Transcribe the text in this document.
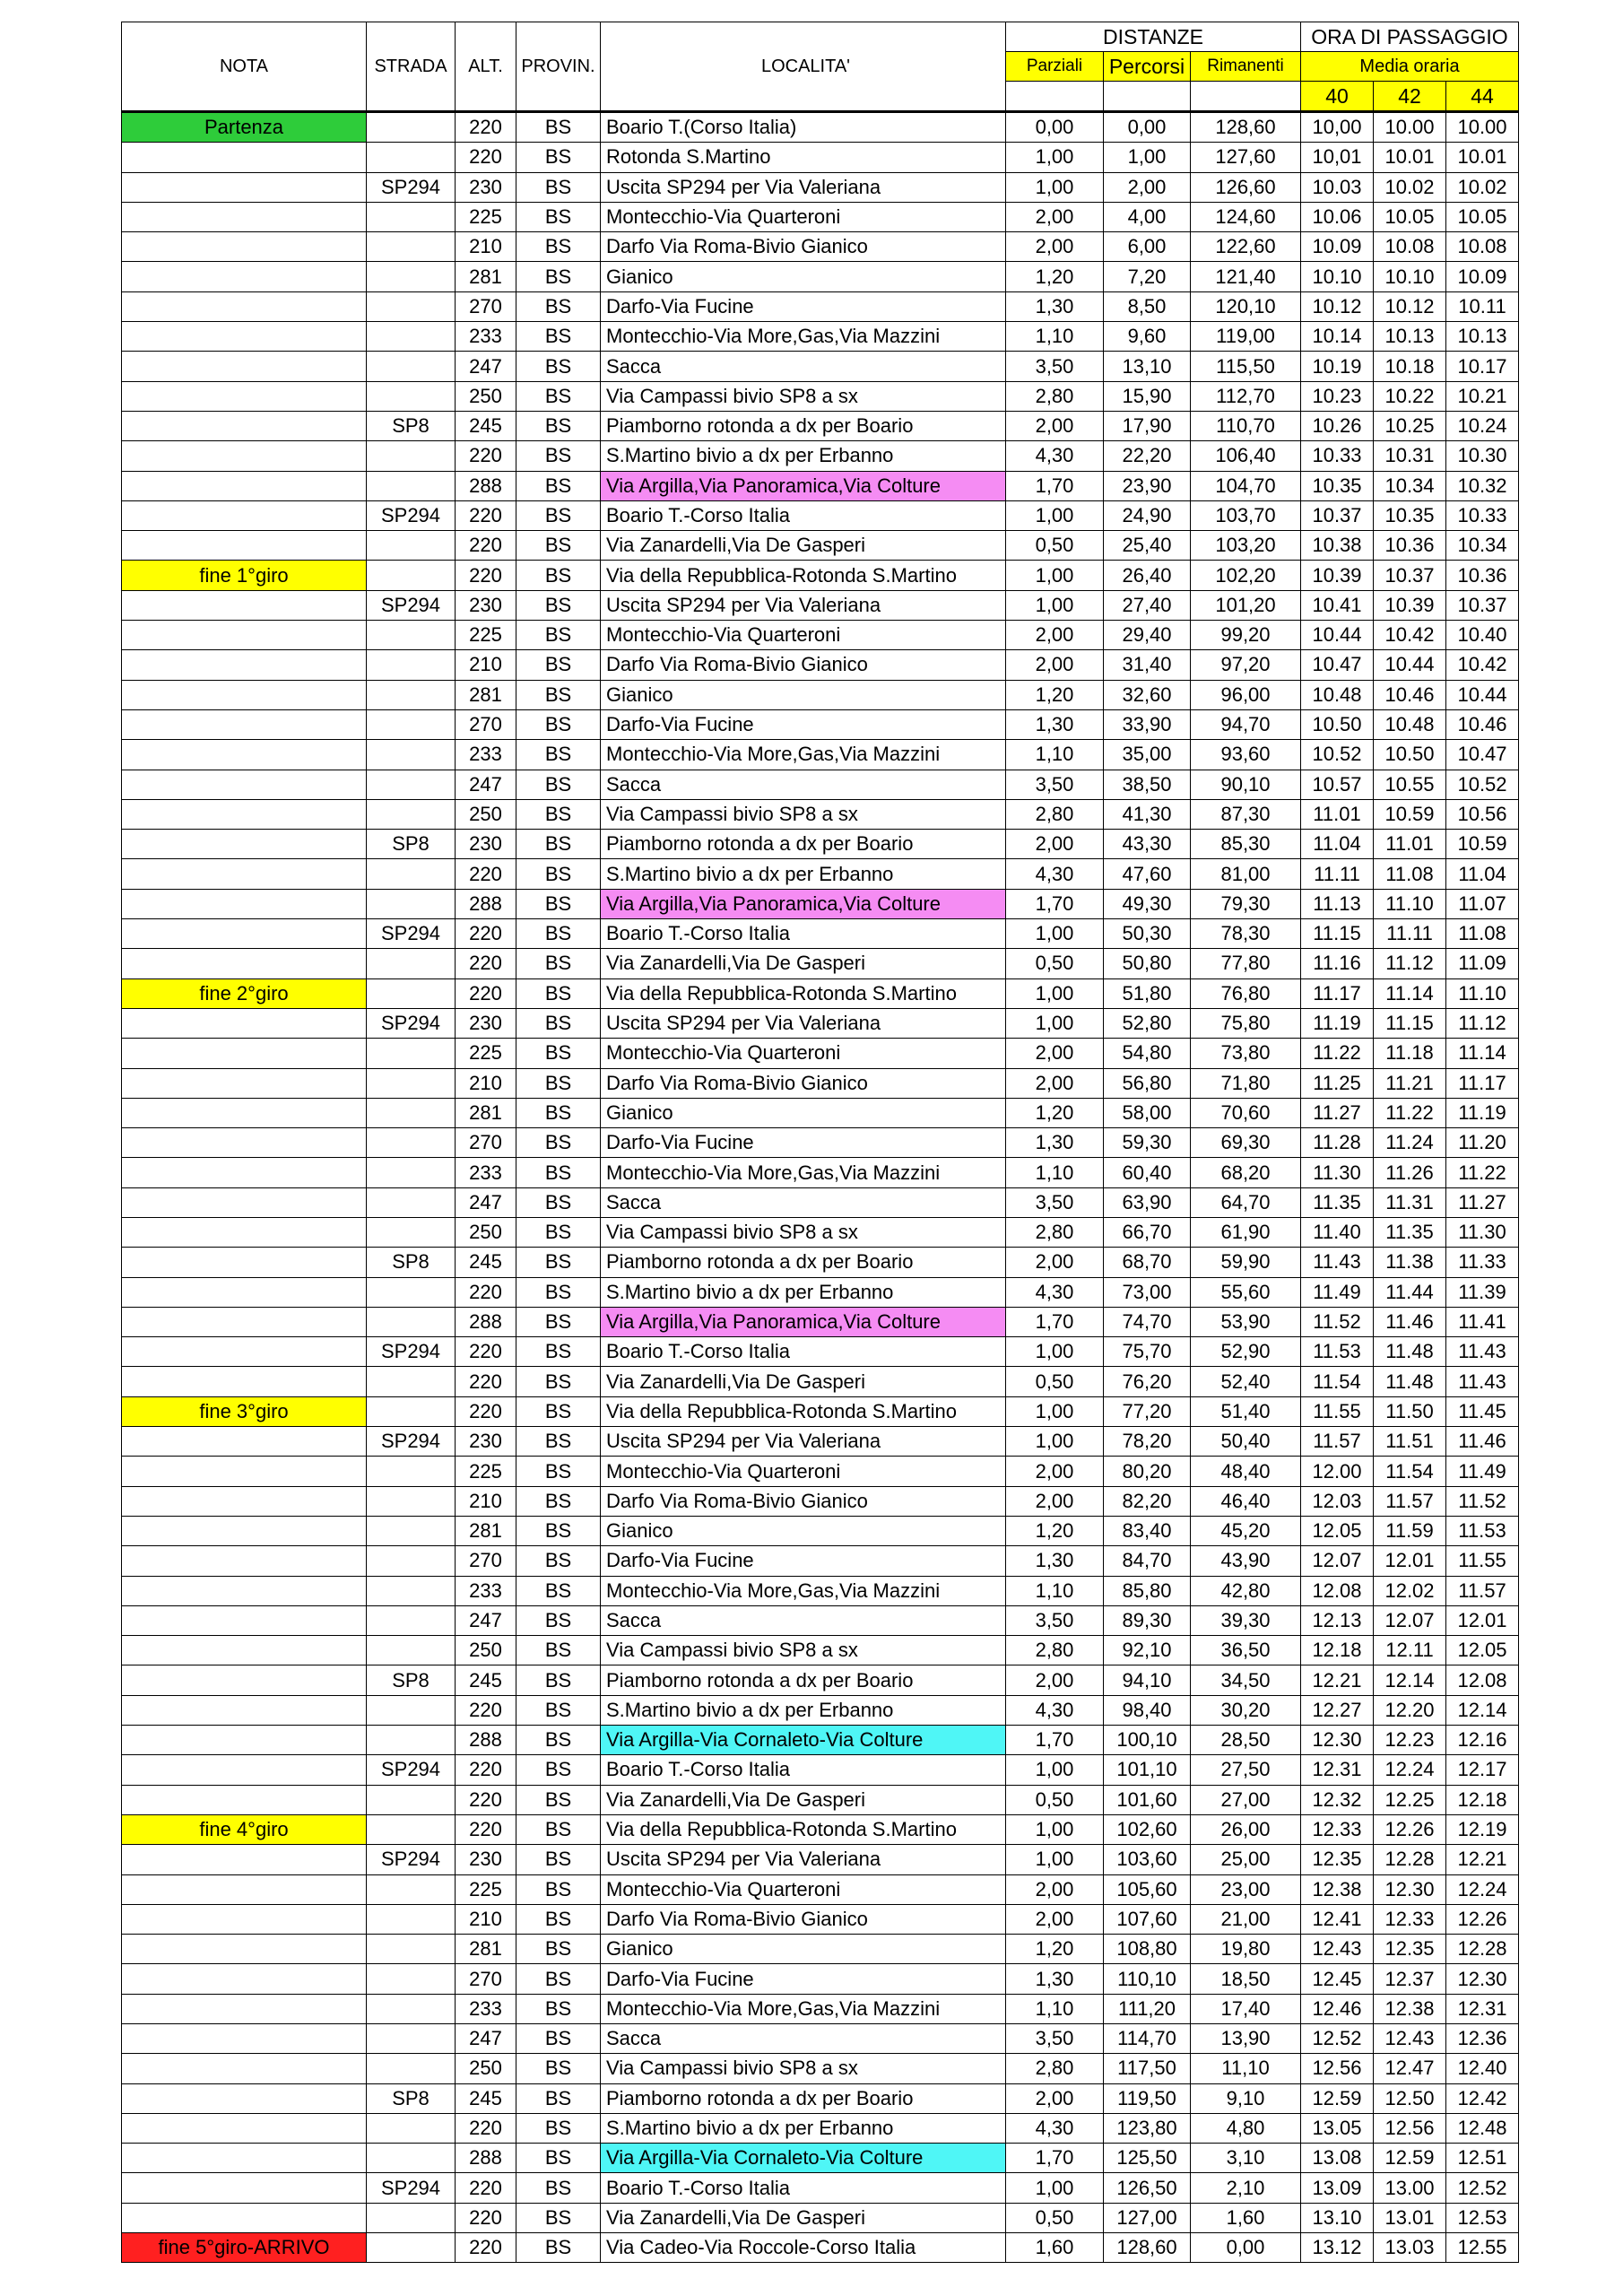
NOTA	STRADA	ALT.	PROVIN.	LOCALITA'	DISTANZE			ORA DI PASSAGGIO		
					Parziali	Percorsi	Rimanenti	Media oraria		
								40	42	44
Partenza		220	BS	Boario T.(Corso Italia)	0,00	0,00	128,60	10,00	10.00	10.00
		220	BS	Rotonda S.Martino	1,00	1,00	127,60	10,01	10.01	10.01
	SP294	230	BS	Uscita SP294 per Via Valeriana	1,00	2,00	126,60	10.03	10.02	10.02
		225	BS	Montecchio-Via Quarteroni	2,00	4,00	124,60	10.06	10.05	10.05
		210	BS	Darfo Via Roma-Bivio Gianico	2,00	6,00	122,60	10.09	10.08	10.08
		281	BS	Gianico	1,20	7,20	121,40	10.10	10.10	10.09
		270	BS	Darfo-Via Fucine	1,30	8,50	120,10	10.12	10.12	10.11
		233	BS	Montecchio-Via More,Gas,Via Mazzini	1,10	9,60	119,00	10.14	10.13	10.13
		247	BS	Sacca	3,50	13,10	115,50	10.19	10.18	10.17
		250	BS	Via Campassi bivio SP8 a sx	2,80	15,90	112,70	10.23	10.22	10.21
	SP8	245	BS	Piamborno rotonda a dx per Boario	2,00	17,90	110,70	10.26	10.25	10.24
		220	BS	S.Martino bivio a dx per Erbanno	4,30	22,20	106,40	10.33	10.31	10.30
		288	BS	Via Argilla,Via Panoramica,Via Colture	1,70	23,90	104,70	10.35	10.34	10.32
	SP294	220	BS	Boario T.-Corso Italia	1,00	24,90	103,70	10.37	10.35	10.33
		220	BS	Via Zanardelli,Via De Gasperi	0,50	25,40	103,20	10.38	10.36	10.34
fine 1°giro		220	BS	Via della Repubblica-Rotonda S.Martino	1,00	26,40	102,20	10.39	10.37	10.36
	SP294	230	BS	Uscita SP294 per Via Valeriana	1,00	27,40	101,20	10.41	10.39	10.37
		225	BS	Montecchio-Via Quarteroni	2,00	29,40	99,20	10.44	10.42	10.40
		210	BS	Darfo Via Roma-Bivio Gianico	2,00	31,40	97,20	10.47	10.44	10.42
		281	BS	Gianico	1,20	32,60	96,00	10.48	10.46	10.44
		270	BS	Darfo-Via Fucine	1,30	33,90	94,70	10.50	10.48	10.46
		233	BS	Montecchio-Via More,Gas,Via Mazzini	1,10	35,00	93,60	10.52	10.50	10.47
		247	BS	Sacca	3,50	38,50	90,10	10.57	10.55	10.52
		250	BS	Via Campassi bivio SP8 a sx	2,80	41,30	87,30	11.01	10.59	10.56
	SP8	230	BS	Piamborno rotonda a dx per Boario	2,00	43,30	85,30	11.04	11.01	10.59
		220	BS	S.Martino bivio a dx per Erbanno	4,30	47,60	81,00	11.11	11.08	11.04
		288	BS	Via Argilla,Via Panoramica,Via Colture	1,70	49,30	79,30	11.13	11.10	11.07
	SP294	220	BS	Boario T.-Corso Italia	1,00	50,30	78,30	11.15	11.11	11.08
		220	BS	Via Zanardelli,Via De Gasperi	0,50	50,80	77,80	11.16	11.12	11.09
fine 2°giro		220	BS	Via della Repubblica-Rotonda S.Martino	1,00	51,80	76,80	11.17	11.14	11.10
	SP294	230	BS	Uscita SP294 per Via Valeriana	1,00	52,80	75,80	11.19	11.15	11.12
		225	BS	Montecchio-Via Quarteroni	2,00	54,80	73,80	11.22	11.18	11.14
		210	BS	Darfo Via Roma-Bivio Gianico	2,00	56,80	71,80	11.25	11.21	11.17
		281	BS	Gianico	1,20	58,00	70,60	11.27	11.22	11.19
		270	BS	Darfo-Via Fucine	1,30	59,30	69,30	11.28	11.24	11.20
		233	BS	Montecchio-Via More,Gas,Via Mazzini	1,10	60,40	68,20	11.30	11.26	11.22
		247	BS	Sacca	3,50	63,90	64,70	11.35	11.31	11.27
		250	BS	Via Campassi bivio SP8 a sx	2,80	66,70	61,90	11.40	11.35	11.30
	SP8	245	BS	Piamborno rotonda a dx per Boario	2,00	68,70	59,90	11.43	11.38	11.33
		220	BS	S.Martino bivio a dx per Erbanno	4,30	73,00	55,60	11.49	11.44	11.39
		288	BS	Via Argilla,Via Panoramica,Via Colture	1,70	74,70	53,90	11.52	11.46	11.41
	SP294	220	BS	Boario T.-Corso Italia	1,00	75,70	52,90	11.53	11.48	11.43
		220	BS	Via Zanardelli,Via De Gasperi	0,50	76,20	52,40	11.54	11.48	11.43
fine 3°giro		220	BS	Via della Repubblica-Rotonda S.Martino	1,00	77,20	51,40	11.55	11.50	11.45
	SP294	230	BS	Uscita SP294 per Via Valeriana	1,00	78,20	50,40	11.57	11.51	11.46
		225	BS	Montecchio-Via Quarteroni	2,00	80,20	48,40	12.00	11.54	11.49
		210	BS	Darfo Via Roma-Bivio Gianico	2,00	82,20	46,40	12.03	11.57	11.52
		281	BS	Gianico	1,20	83,40	45,20	12.05	11.59	11.53
		270	BS	Darfo-Via Fucine	1,30	84,70	43,90	12.07	12.01	11.55
		233	BS	Montecchio-Via More,Gas,Via Mazzini	1,10	85,80	42,80	12.08	12.02	11.57
		247	BS	Sacca	3,50	89,30	39,30	12.13	12.07	12.01
		250	BS	Via Campassi bivio SP8 a sx	2,80	92,10	36,50	12.18	12.11	12.05
	SP8	245	BS	Piamborno rotonda a dx per Boario	2,00	94,10	34,50	12.21	12.14	12.08
		220	BS	S.Martino bivio a dx per Erbanno	4,30	98,40	30,20	12.27	12.20	12.14
		288	BS	Via Argilla-Via Cornaleto-Via Colture	1,70	100,10	28,50	12.30	12.23	12.16
	SP294	220	BS	Boario T.-Corso Italia	1,00	101,10	27,50	12.31	12.24	12.17
		220	BS	Via Zanardelli,Via De Gasperi	0,50	101,60	27,00	12.32	12.25	12.18
fine 4°giro		220	BS	Via della Repubblica-Rotonda S.Martino	1,00	102,60	26,00	12.33	12.26	12.19
	SP294	230	BS	Uscita SP294 per Via Valeriana	1,00	103,60	25,00	12.35	12.28	12.21
		225	BS	Montecchio-Via Quarteroni	2,00	105,60	23,00	12.38	12.30	12.24
		210	BS	Darfo Via Roma-Bivio Gianico	2,00	107,60	21,00	12.41	12.33	12.26
		281	BS	Gianico	1,20	108,80	19,80	12.43	12.35	12.28
		270	BS	Darfo-Via Fucine	1,30	110,10	18,50	12.45	12.37	12.30
		233	BS	Montecchio-Via More,Gas,Via Mazzini	1,10	111,20	17,40	12.46	12.38	12.31
		247	BS	Sacca	3,50	114,70	13,90	12.52	12.43	12.36
		250	BS	Via Campassi bivio SP8 a sx	2,80	117,50	11,10	12.56	12.47	12.40
	SP8	245	BS	Piamborno rotonda a dx per Boario	2,00	119,50	9,10	12.59	12.50	12.42
		220	BS	S.Martino bivio a dx per Erbanno	4,30	123,80	4,80	13.05	12.56	12.48
		288	BS	Via Argilla-Via Cornaleto-Via Colture	1,70	125,50	3,10	13.08	12.59	12.51
	SP294	220	BS	Boario T.-Corso Italia	1,00	126,50	2,10	13.09	13.00	12.52
		220	BS	Via Zanardelli,Via De Gasperi	0,50	127,00	1,60	13.10	13.01	12.53
fine 5°giro-ARRIVO		220	BS	Via Cadeo-Via Roccole-Corso Italia	1,60	128,60	0,00	13.12	13.03	12.55
